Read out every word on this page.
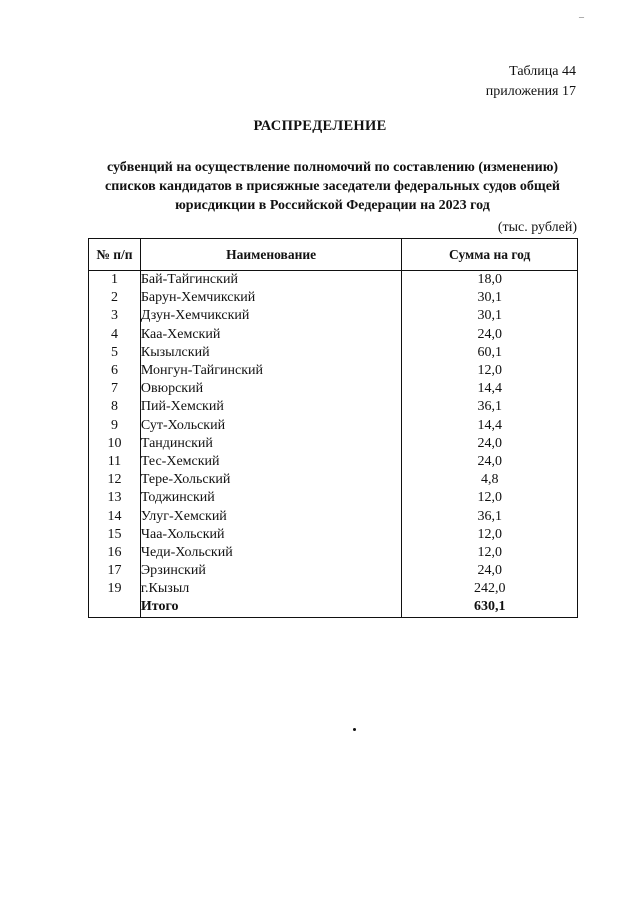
_
Таблица 44
приложения 17
РАСПРЕДЕЛЕНИЕ
субвенций на осуществление полномочий по составлению (изменению)
списков кандидатов в присяжные заседатели федеральных судов общей
юрисдикции в Российской Федерации на 2023 год
(тыс. рублей)
№ п/п	Наименование	Сумма на год
1	Бай-Тайгинский	18,0
2	Барун-Хемчикский	30,1
3	Дзун-Хемчикский	30,1
4	Каа-Хемский	24,0
5	Кызылский	60,1
6	Монгун-Тайгинский	12,0
7	Овюрский	14,4
8	Пий-Хемский	36,1
9	Сут-Хольский	14,4
10	Тандинский	24,0
11	Тес-Хемский	24,0
12	Тере-Хольский	4,8
13	Тоджинский	12,0
14	Улуг-Хемский	36,1
15	Чаа-Хольский	12,0
16	Чеди-Хольский	12,0
17	Эрзинский	24,0
19	г.Кызыл	242,0
	Итого	630,1
